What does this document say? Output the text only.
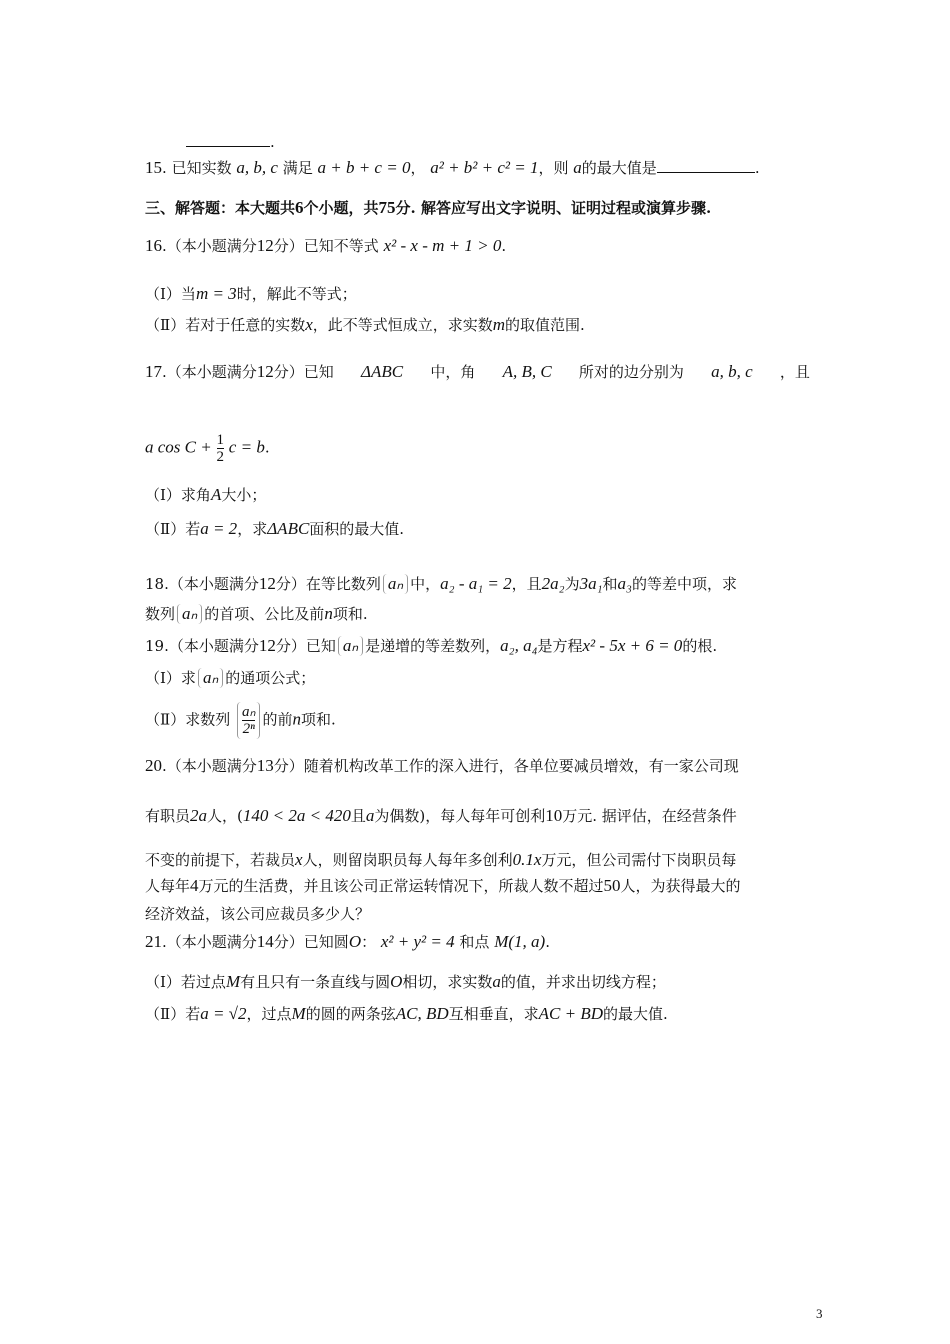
.
15. 已知实数 a, b, c 满足 a + b + c = 0， a² + b² + c² = 1，则 a的最大值是	.
三、解答题：本大题共6个小题，共75分. 解答应写出文字说明、证明过程或演算步骤.
16.（本小题满分12分）已知不等式 x² - x - m + 1 > 0.
（Ⅰ）当m = 3时，解此不等式；
（Ⅱ）若对于任意的实数x，此不等式恒成立，求实数m的取值范围.
17.（本小题满分12分）已知 ΔABC 中，角 A, B, C 所对的边分别为 a, b, c ，且
a $\cos C + \frac{1}{2}$ c = b.
（Ⅰ）求角A大小；
（Ⅱ）若a = 2，求ΔABC面积的最大值.
18.（本小题满分12分）在等比数列 aₙ 中，a₂ - a₁ = 2，且2a₂为3a₁和a₃的等差中项，求
数列 aₙ 的首项、公比及前n项和.
19.（本小题满分12分）已知 aₙ 是递增的等差数列，a₂, a₄是方程x² - 5x + 6 = 0的根.
（Ⅰ）求 aₙ 的通项公式；
（Ⅱ）求数列 $\frac{\text{aₙ}}{\text{2ⁿ}}$ 的前n项和.
20.（本小题满分13分）随着机构改革工作的深入进行，各单位要减员增效，有一家公司现
有职员2a人，(140 < 2a < 420且a为偶数)，每人每年可创利10万元. 据评估，在经营条件
不变的前提下，若裁员x人，则留岗职员每人每年多创利0.1x万元，但公司需付下岗职员每
人每年4万元的生活费，并且该公司正常运转情况下，所裁人数不超过50人，为获得最大的
经济效益，该公司应裁员多少人？
21.（本小题满分14分）已知圆O： x² + y² = 4 和点 M(1, a).
（Ⅰ）若过点M有且只有一条直线与圆O相切，求实数a的值，并求出切线方程；
（Ⅱ）若a = √2，过点M的圆的两条弦AC, BD互相垂直，求AC + BD的最大值.
3
